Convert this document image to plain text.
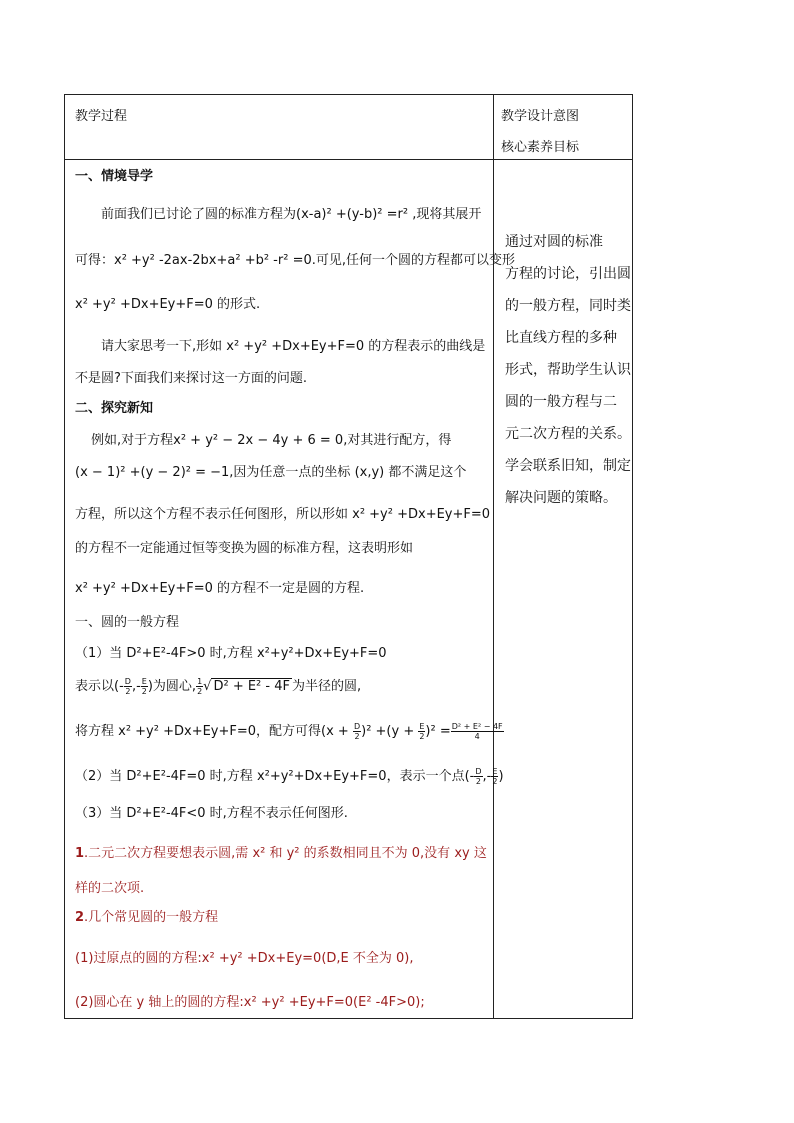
教学过程	教学设计意图
核心素养目标
一、情境导学
前面我们已讨论了圆的标准方程为(x-a)² +(y-b)² =r² ,现将其展开
可得：x² +y² -2ax-2bx+a² +b² -r² =0.可见,任何一个圆的方程都可以变形
x² +y² +Dx+Ey+F=0 的形式.
请大家思考一下,形如 x² +y² +Dx+Ey+F=0 的方程表示的曲线是
不是圆?下面我们来探讨这一方面的问题.
二、探究新知
例如,对于方程x² + y² − 2x − 4y + 6 = 0,对其进行配方，得
(x − 1)² +(y − 2)² = −1,因为任意一点的坐标 (x,y) 都不满足这个
方程，所以这个方程不表示任何图形，所以形如 x² +y² +Dx+Ey+F=0
的方程不一定能通过恒等变换为圆的标准方程，这表明形如
x² +y² +Dx+Ey+F=0 的方程不一定是圆的方程.
一、圆的一般方程
（1）当 D²+E²-4F>0 时,方程 x²+y²+Dx+Ey+F=0
表示以(- $\frac{D}{2}$ ,- $\frac{E}{2}$ )为圆心, $\frac{1}{2}$ √ D² + E² - 4F 为半径的圆,
将方程 x² +y² +Dx+Ey+F=0，配方可得$(x + \frac{D}{2} )^2 +(y + \frac{E}{2} )^2 = \frac{\text{D² + E² − 4F}}{4}$
（2）当 D²+E²-4F=0 时,方程 x²+y²+Dx+Ey+F=0，表示一个点(- $\frac{D}{2}$ ,- $\frac{E}{2}$ )
（3）当 D²+E²-4F<0 时,方程不表示任何图形.
1.二元二次方程要想表示圆,需 x² 和 y² 的系数相同且不为 0,没有 xy 这
样的二次项.
2.几个常见圆的一般方程
(1)过原点的圆的方程:x² +y² +Dx+Ey=0(D,E 不全为 0),
(2)圆心在 y 轴上的圆的方程:x² +y² +Ey+F=0(E² -4F>0);
通过对圆的标准
方程的讨论，引出圆
的一般方程，同时类
比直线方程的多种
形式，帮助学生认识
圆的一般方程与二
元二次方程的关系。
学会联系旧知，制定
解决问题的策略。
